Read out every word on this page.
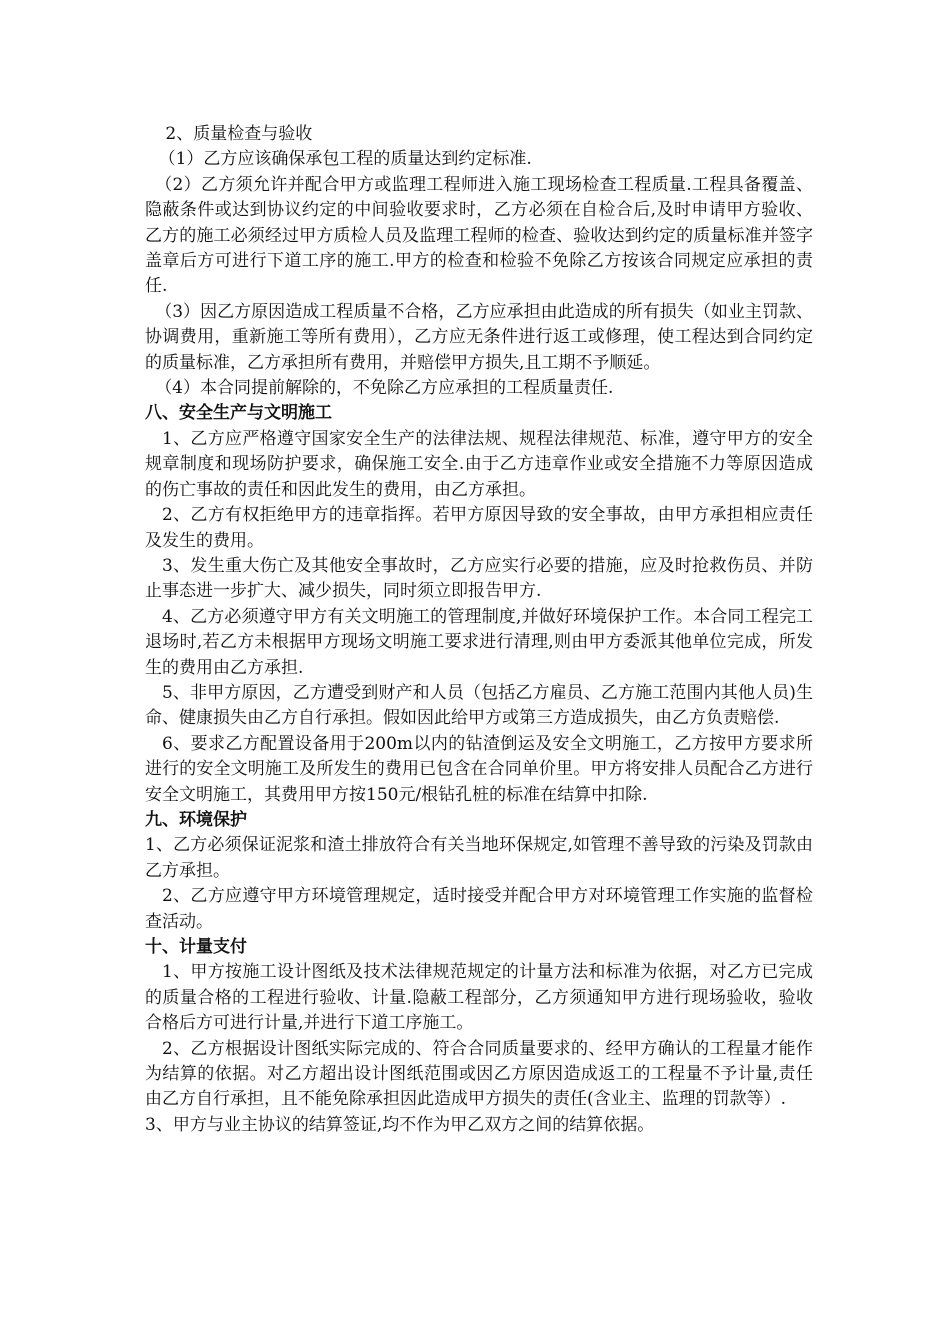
2、质量检查与验收

（1）乙方应该确保承包工程的质量达到约定标准.

（2）乙方须允许并配合甲方或监理工程师进入施工现场检查工程质量.工程具备覆盖、隐蔽条件或达到协议约定的中间验收要求时，乙方必须在自检合后,及时申请甲方验收、乙方的施工必须经过甲方质检人员及监理工程师的检查、验收达到约定的质量标准并签字盖章后方可进行下道工序的施工.甲方的检查和检验不免除乙方按该合同规定应承担的责任.

（3）因乙方原因造成工程质量不合格，乙方应承担由此造成的所有损失（如业主罚款、协调费用，重新施工等所有费用），乙方应无条件进行返工或修理，使工程达到合同约定的质量标准，乙方承担所有费用，并赔偿甲方损失,且工期不予顺延。

（4）本合同提前解除的，不免除乙方应承担的工程质量责任.

八、安全生产与文明施工

1、乙方应严格遵守国家安全生产的法律法规、规程法律规范、标准，遵守甲方的安全规章制度和现场防护要求，确保施工安全.由于乙方违章作业或安全措施不力等原因造成的伤亡事故的责任和因此发生的费用，由乙方承担。

2、乙方有权拒绝甲方的违章指挥。若甲方原因导致的安全事故，由甲方承担相应责任及发生的费用。

3、发生重大伤亡及其他安全事故时，乙方应实行必要的措施，应及时抢救伤员、并防止事态进一步扩大、减少损失，同时须立即报告甲方.

4、乙方必须遵守甲方有关文明施工的管理制度,并做好环境保护工作。本合同工程完工退场时,若乙方未根据甲方现场文明施工要求进行清理,则由甲方委派其他单位完成，所发生的费用由乙方承担.

5、非甲方原因，乙方遭受到财产和人员（包括乙方雇员、乙方施工范围内其他人员)生命、健康损失由乙方自行承担。假如因此给甲方或第三方造成损失，由乙方负责赔偿.

6、要求乙方配置设备用于200m以内的钻渣倒运及安全文明施工，乙方按甲方要求所进行的安全文明施工及所发生的费用已包含在合同单价里。甲方将安排人员配合乙方进行安全文明施工，其费用甲方按150元/根钻孔桩的标准在结算中扣除.

九、环境保护

1、乙方必须保证泥浆和渣土排放符合有关当地环保规定,如管理不善导致的污染及罚款由乙方承担。

2、乙方应遵守甲方环境管理规定，适时接受并配合甲方对环境管理工作实施的监督检查活动。

十、计量支付

1、甲方按施工设计图纸及技术法律规范规定的计量方法和标准为依据，对乙方已完成的质量合格的工程进行验收、计量.隐蔽工程部分，乙方须通知甲方进行现场验收，验收合格后方可进行计量,并进行下道工序施工。

2、乙方根据设计图纸实际完成的、符合合同质量要求的、经甲方确认的工程量才能作为结算的依据。对乙方超出设计图纸范围或因乙方原因造成返工的工程量不予计量,责任由乙方自行承担，且不能免除承担因此造成甲方损失的责任(含业主、监理的罚款等）.

3、甲方与业主协议的结算签证,均不作为甲乙双方之间的结算依据。
